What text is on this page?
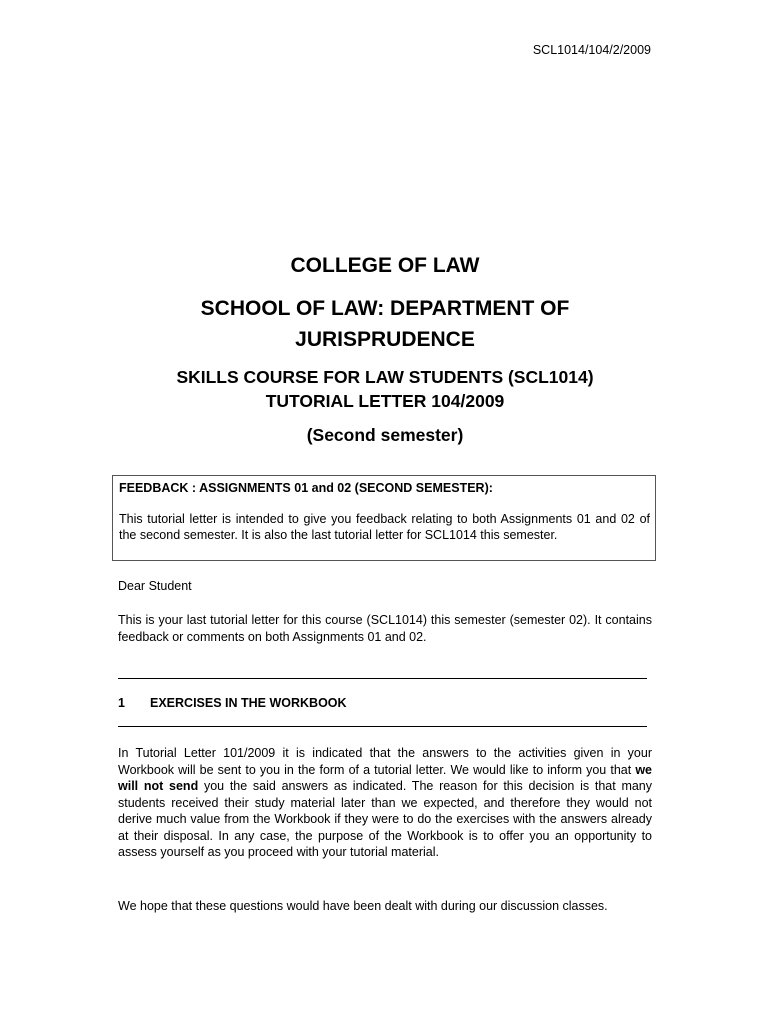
SCL1014/104/2/2009

COLLEGE OF LAW

SCHOOL OF LAW: DEPARTMENT OF
JURISPRUDENCE

SKILLS COURSE FOR LAW STUDENTS (SCL1014)
TUTORIAL LETTER 104/2009

(Second semester)

FEEDBACK : ASSIGNMENTS 01 and 02 (SECOND SEMESTER):
This tutorial letter is intended to give you feedback relating to both Assignments 01 and 02 of the second semester. It is also the last tutorial letter for SCL1014 this semester.
Dear Student
This is your last tutorial letter for this course (SCL1014) this semester (semester 02). It contains feedback or comments on both Assignments 01 and 02.
1 EXERCISES IN THE WORKBOOK
In Tutorial Letter 101/2009 it is indicated that the answers to the activities given in your Workbook will be sent to you in the form of a tutorial letter. We would like to inform you that we will not send you the said answers as indicated. The reason for this decision is that many students received their study material later than we expected, and therefore they would not derive much value from the Workbook if they were to do the exercises with the answers already at their disposal. In any case, the purpose of the Workbook is to offer you an opportunity to assess yourself as you proceed with your tutorial material.
We hope that these questions would have been dealt with during our discussion classes.
